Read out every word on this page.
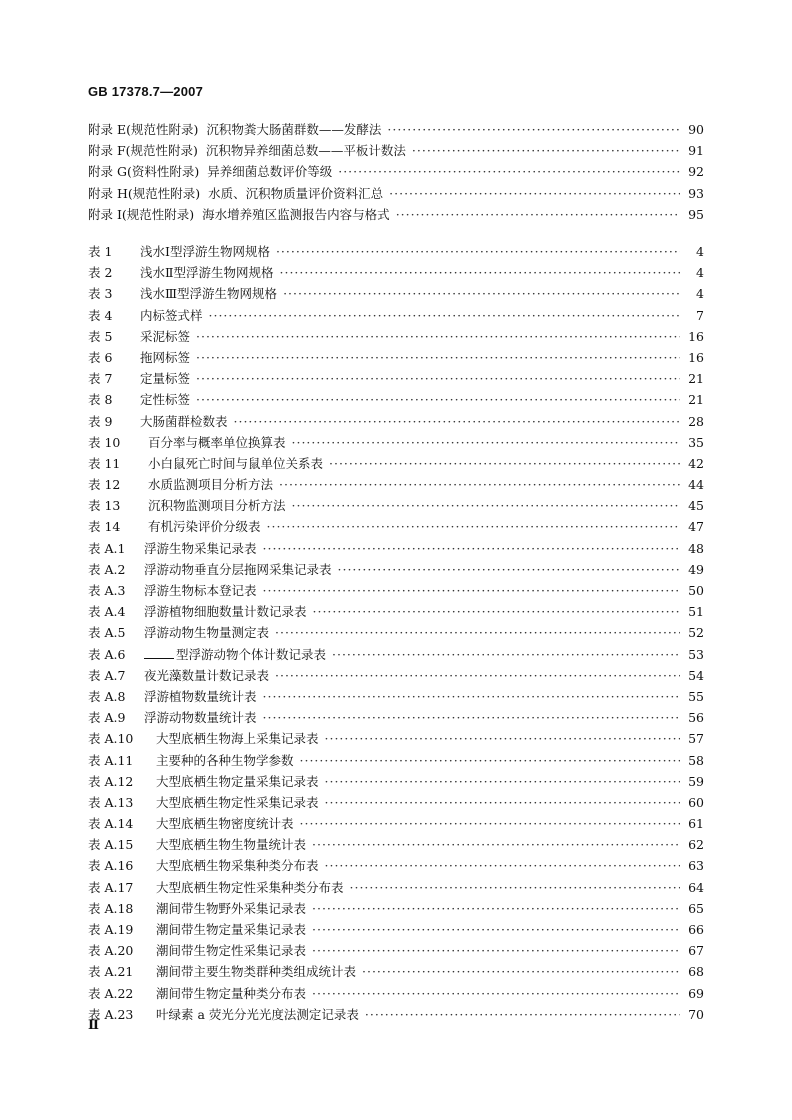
GB 17378.7—2007
附录 E(规范性附录) 沉积物粪大肠菌群数——发酵法 ·····	90
附录 F(规范性附录) 沉积物异养细菌总数——平板计数法 ·····	91
附录 G(资料性附录) 异养细菌总数评价等级 ·····	92
附录 H(规范性附录) 水质、沉积物质量评价资料汇总 ·····	93
附录 I(规范性附录) 海水增养殖区监测报告内容与格式 ·····	95
表 1	浅水Ⅰ型浮游生物网规格 ·····	4
表 2	浅水Ⅱ型浮游生物网规格 ·····	4
表 3	浅水Ⅲ型浮游生物网规格 ·····	4
表 4	内标签式样 ·····	7
表 5	采泥标签 ·····	16
表 6	拖网标签 ·····	16
表 7	定量标签 ·····	21
表 8	定性标签 ·····	21
表 9	大肠菌群检数表 ·····	28
表 10	百分率与概率单位换算表 ·····	35
表 11	小白鼠死亡时间与鼠单位关系表 ·····	42
表 12	水质监测项目分析方法 ·····	44
表 13	沉积物监测项目分析方法 ·····	45
表 14	有机污染评价分级表 ·····	47
表 A.1	浮游生物采集记录表 ·····	48
表 A.2	浮游动物垂直分层拖网采集记录表 ·····	49
表 A.3	浮游生物标本登记表 ·····	50
表 A.4	浮游植物细胞数量计数记录表 ·····	51
表 A.5	浮游动物生物量测定表 ·····	52
表 A.6	型浮游动物个体计数记录表 ·····	53
表 A.7	夜光藻数量计数记录表 ·····	54
表 A.8	浮游植物数量统计表 ·····	55
表 A.9	浮游动物数量统计表 ·····	56
表 A.10	大型底栖生物海上采集记录表 ·····	57
表 A.11	主要种的各种生物学参数 ·····	58
表 A.12	大型底栖生物定量采集记录表 ·····	59
表 A.13	大型底栖生物定性采集记录表 ·····	60
表 A.14	大型底栖生物密度统计表 ·····	61
表 A.15	大型底栖生物生物量统计表 ·····	62
表 A.16	大型底栖生物采集种类分布表 ·····	63
表 A.17	大型底栖生物定性采集种类分布表 ·····	64
表 A.18	潮间带生物野外采集记录表 ·····	65
表 A.19	潮间带生物定量采集记录表 ·····	66
表 A.20	潮间带生物定性采集记录表 ·····	67
表 A.21	潮间带主要生物类群种类组成统计表 ·····	68
表 A.22	潮间带生物定量种类分布表 ·····	69
表 A.23	叶绿素 a 荧光分光光度法测定记录表 ·····	70
Ⅱ
